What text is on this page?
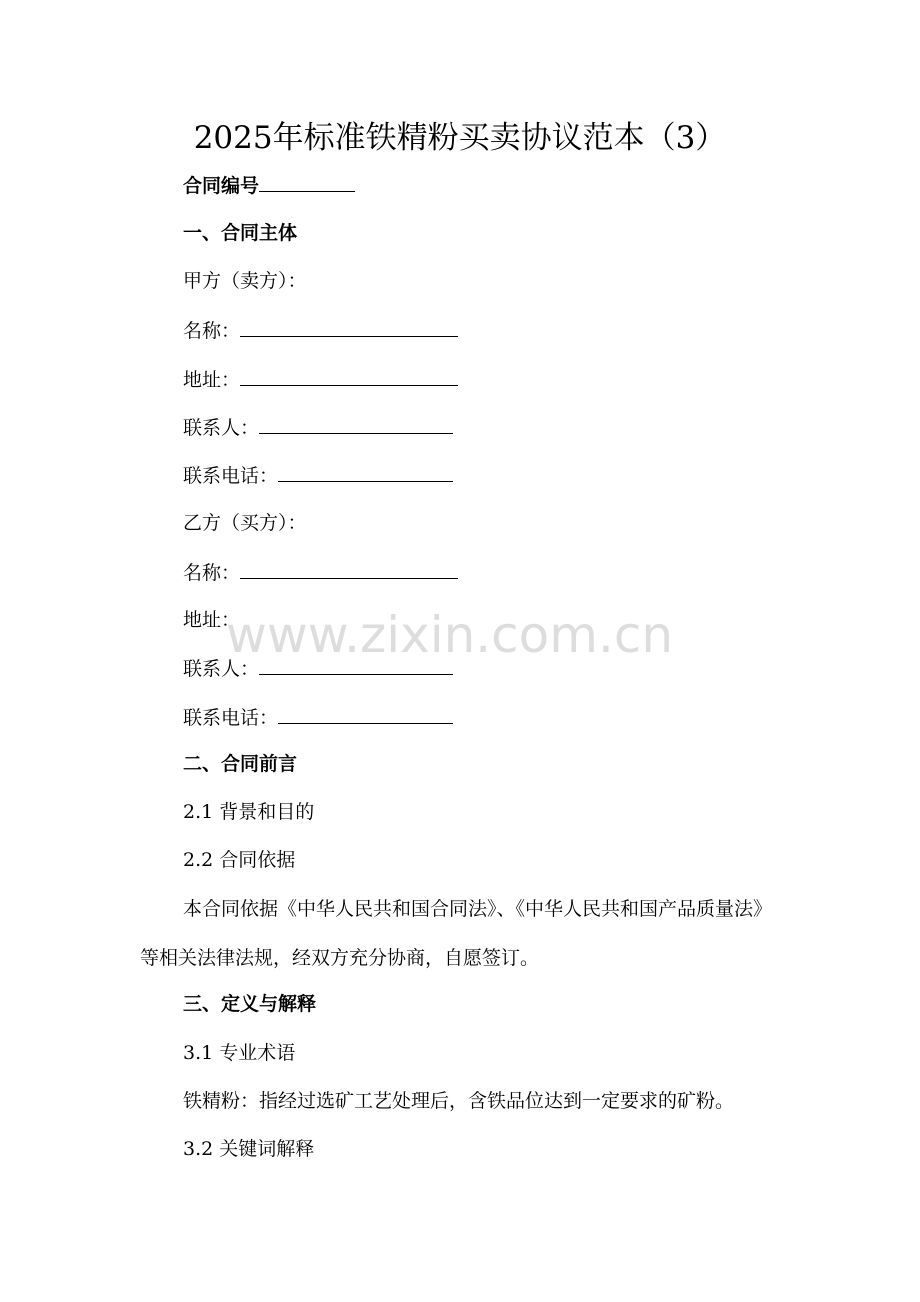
2025年标准铁精粉买卖协议范本（3）
合同编号
一、合同主体
甲方（卖方）：
名称：
地址：
联系人：
联系电话：
乙方（买方）：
名称：
地址：
联系人：
联系电话：
二、合同前言
2.1 背景和目的
2.2 合同依据

本合同依据《中华人民共和国合同法》、《中华人民共和国产品质量法》等相关法律法规，经双方充分协商，自愿签订。

三、定义与解释
3.1 专业术语
铁精粉：指经过选矿工艺处理后，含铁品位达到一定要求的矿粉。
3.2 关键词解释
www.zixin.com.cn
